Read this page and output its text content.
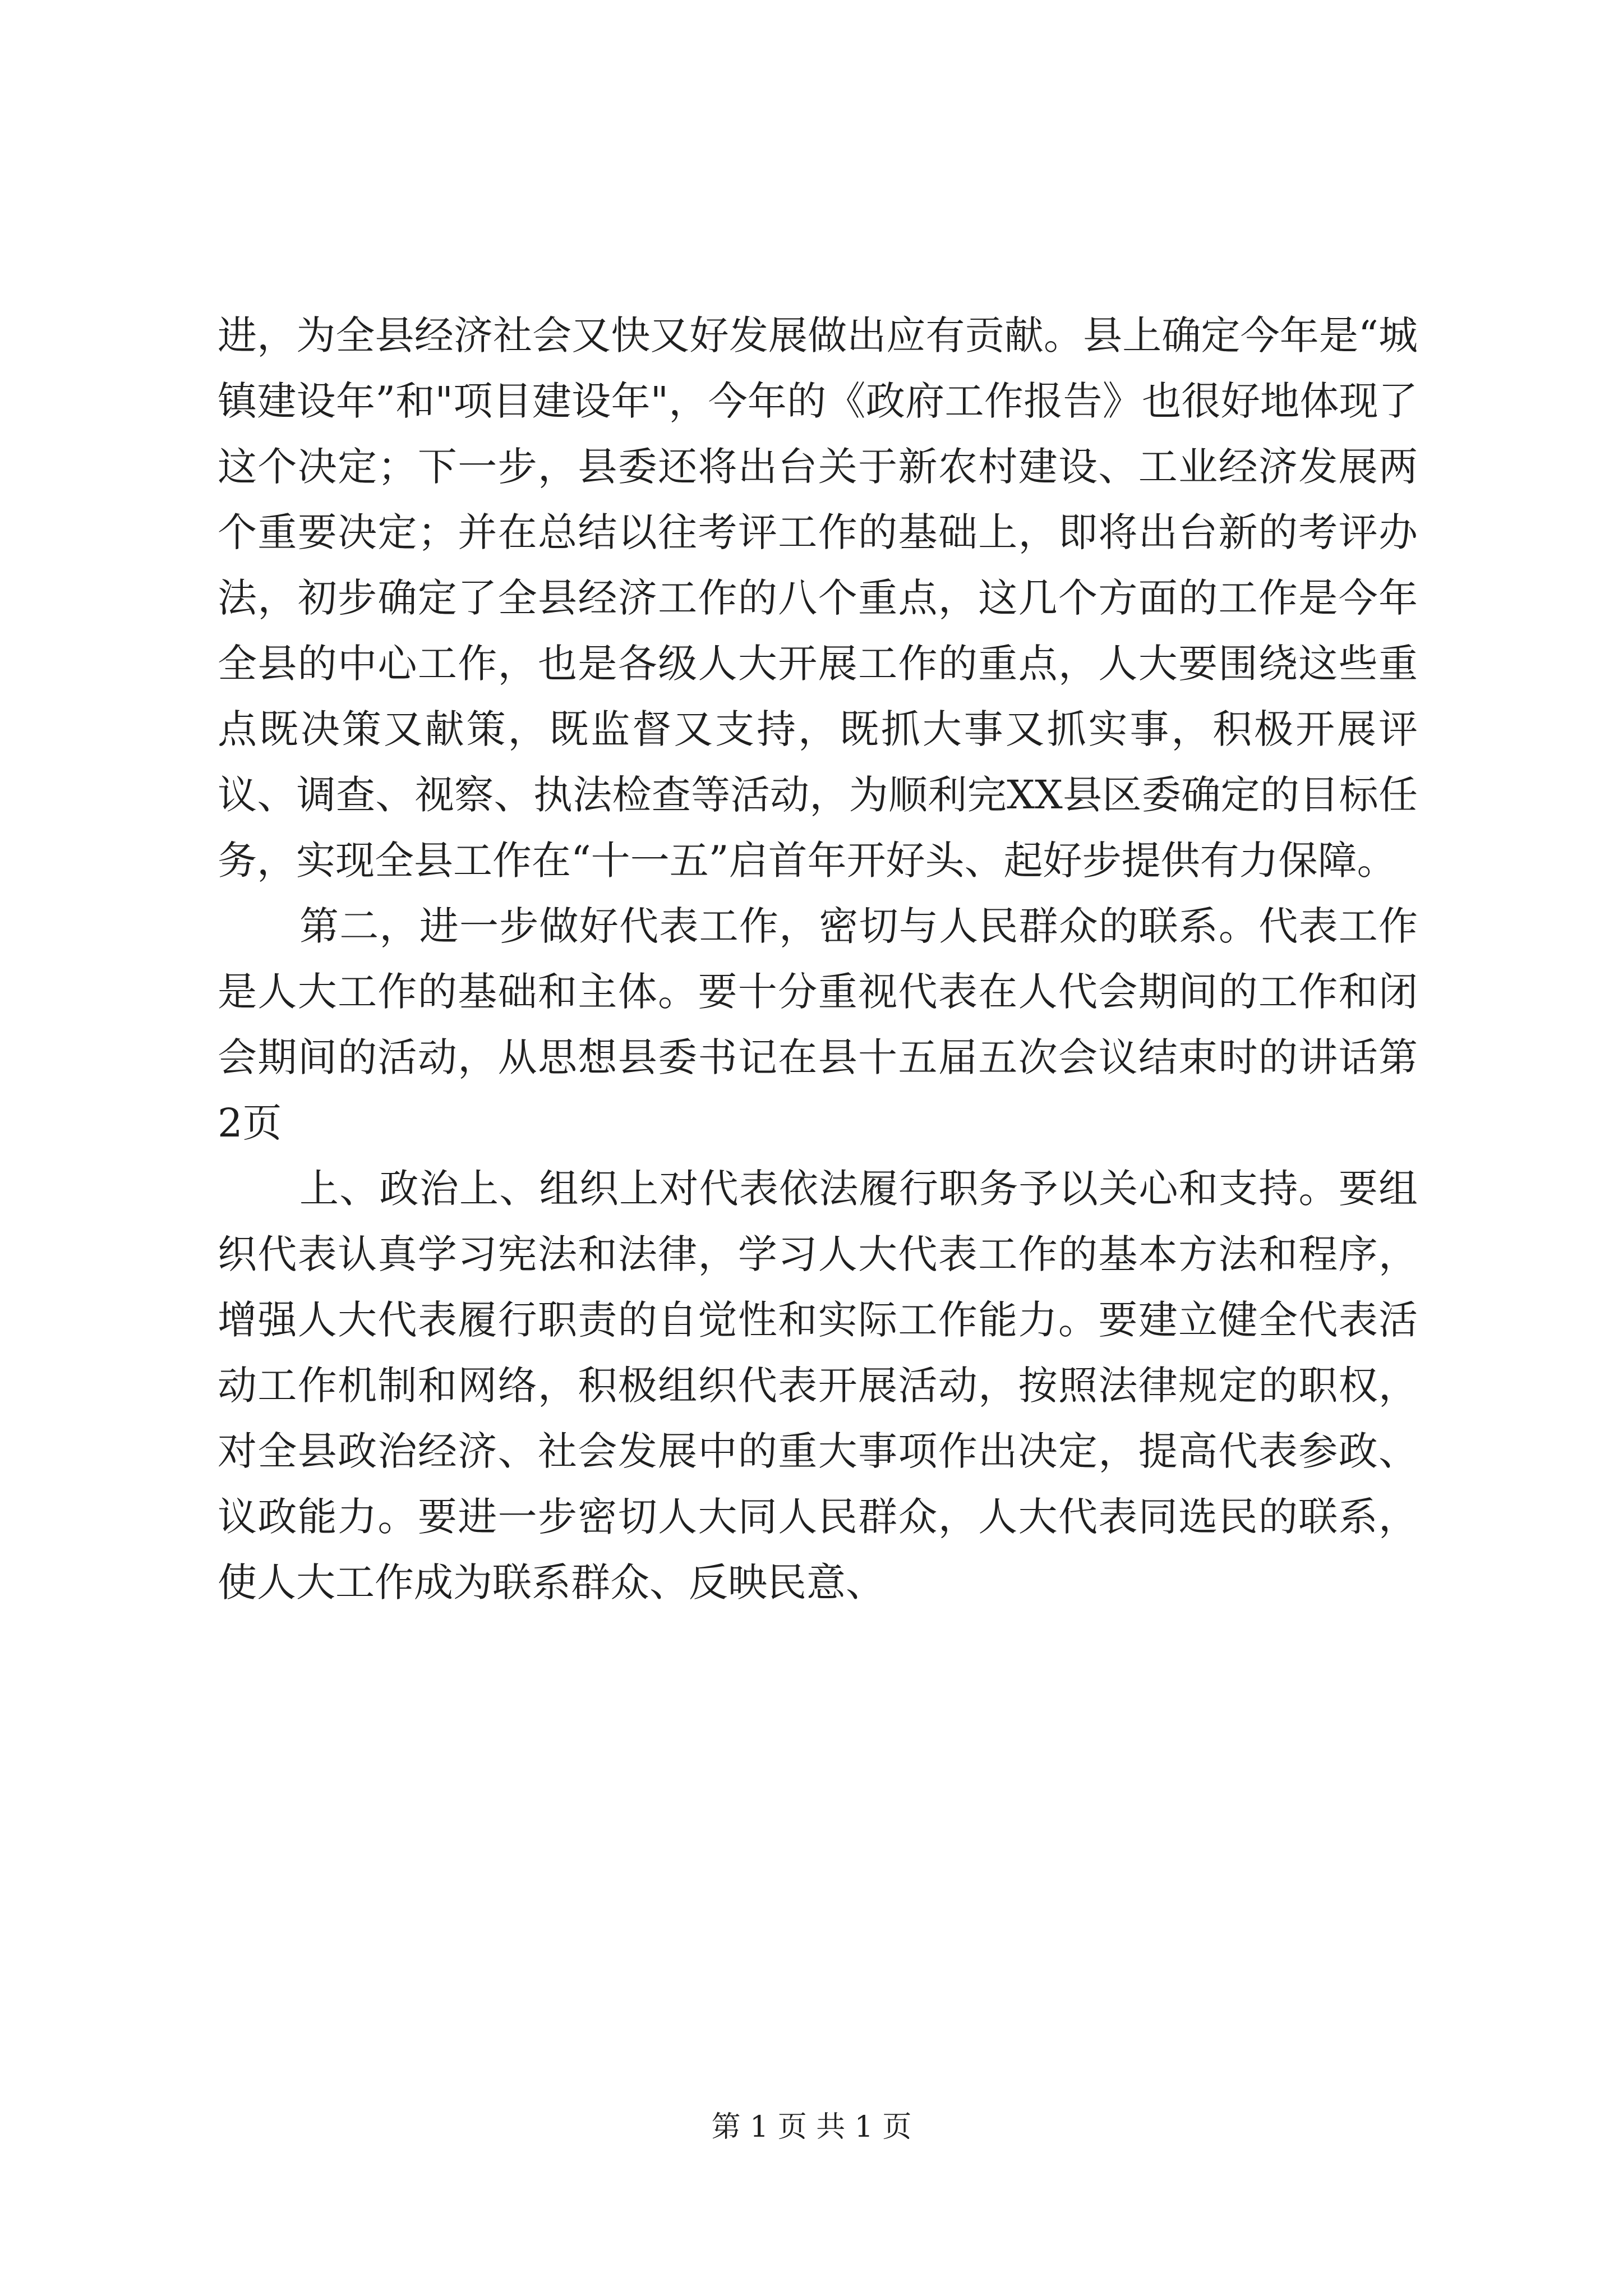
进，为全县经济社会又快又好发展做出应有贡献。县上确定今年是“城镇建设年”和"项目建设年"，今年的《政府工作报告》也很好地体现了这个决定；下一步，县委还将出台关于新农村建设、工业经济发展两个重要决定；并在总结以往考评工作的基础上，即将出台新的考评办法，初步确定了全县经济工作的八个重点，这几个方面的工作是今年全县的中心工作，也是各级人大开展工作的重点，人大要围绕这些重点既决策又献策，既监督又支持，既抓大事又抓实事，积极开展评议、调查、视察、执法检查等活动，为顺利完XX县区委确定的目标任务，实现全县工作在“十一五”启首年开好头、起好步提供有力保障。

第二，进一步做好代表工作，密切与人民群众的联系。代表工作是人大工作的基础和主体。要十分重视代表在人代会期间的工作和闭会期间的活动，从思想县委书记在县十五届五次会议结束时的讲话第2页

上、政治上、组织上对代表依法履行职务予以关心和支持。要组织代表认真学习宪法和法律，学习人大代表工作的基本方法和程序，增强人大代表履行职责的自觉性和实际工作能力。要建立健全代表活动工作机制和网络，积极组织代表开展活动，按照法律规定的职权，对全县政治经济、社会发展中的重大事项作出决定，提高代表参政、议政能力。要进一步密切人大同人民群众，人大代表同选民的联系，使人大工作成为联系群众、反映民意、

第 1 页 共 1 页
